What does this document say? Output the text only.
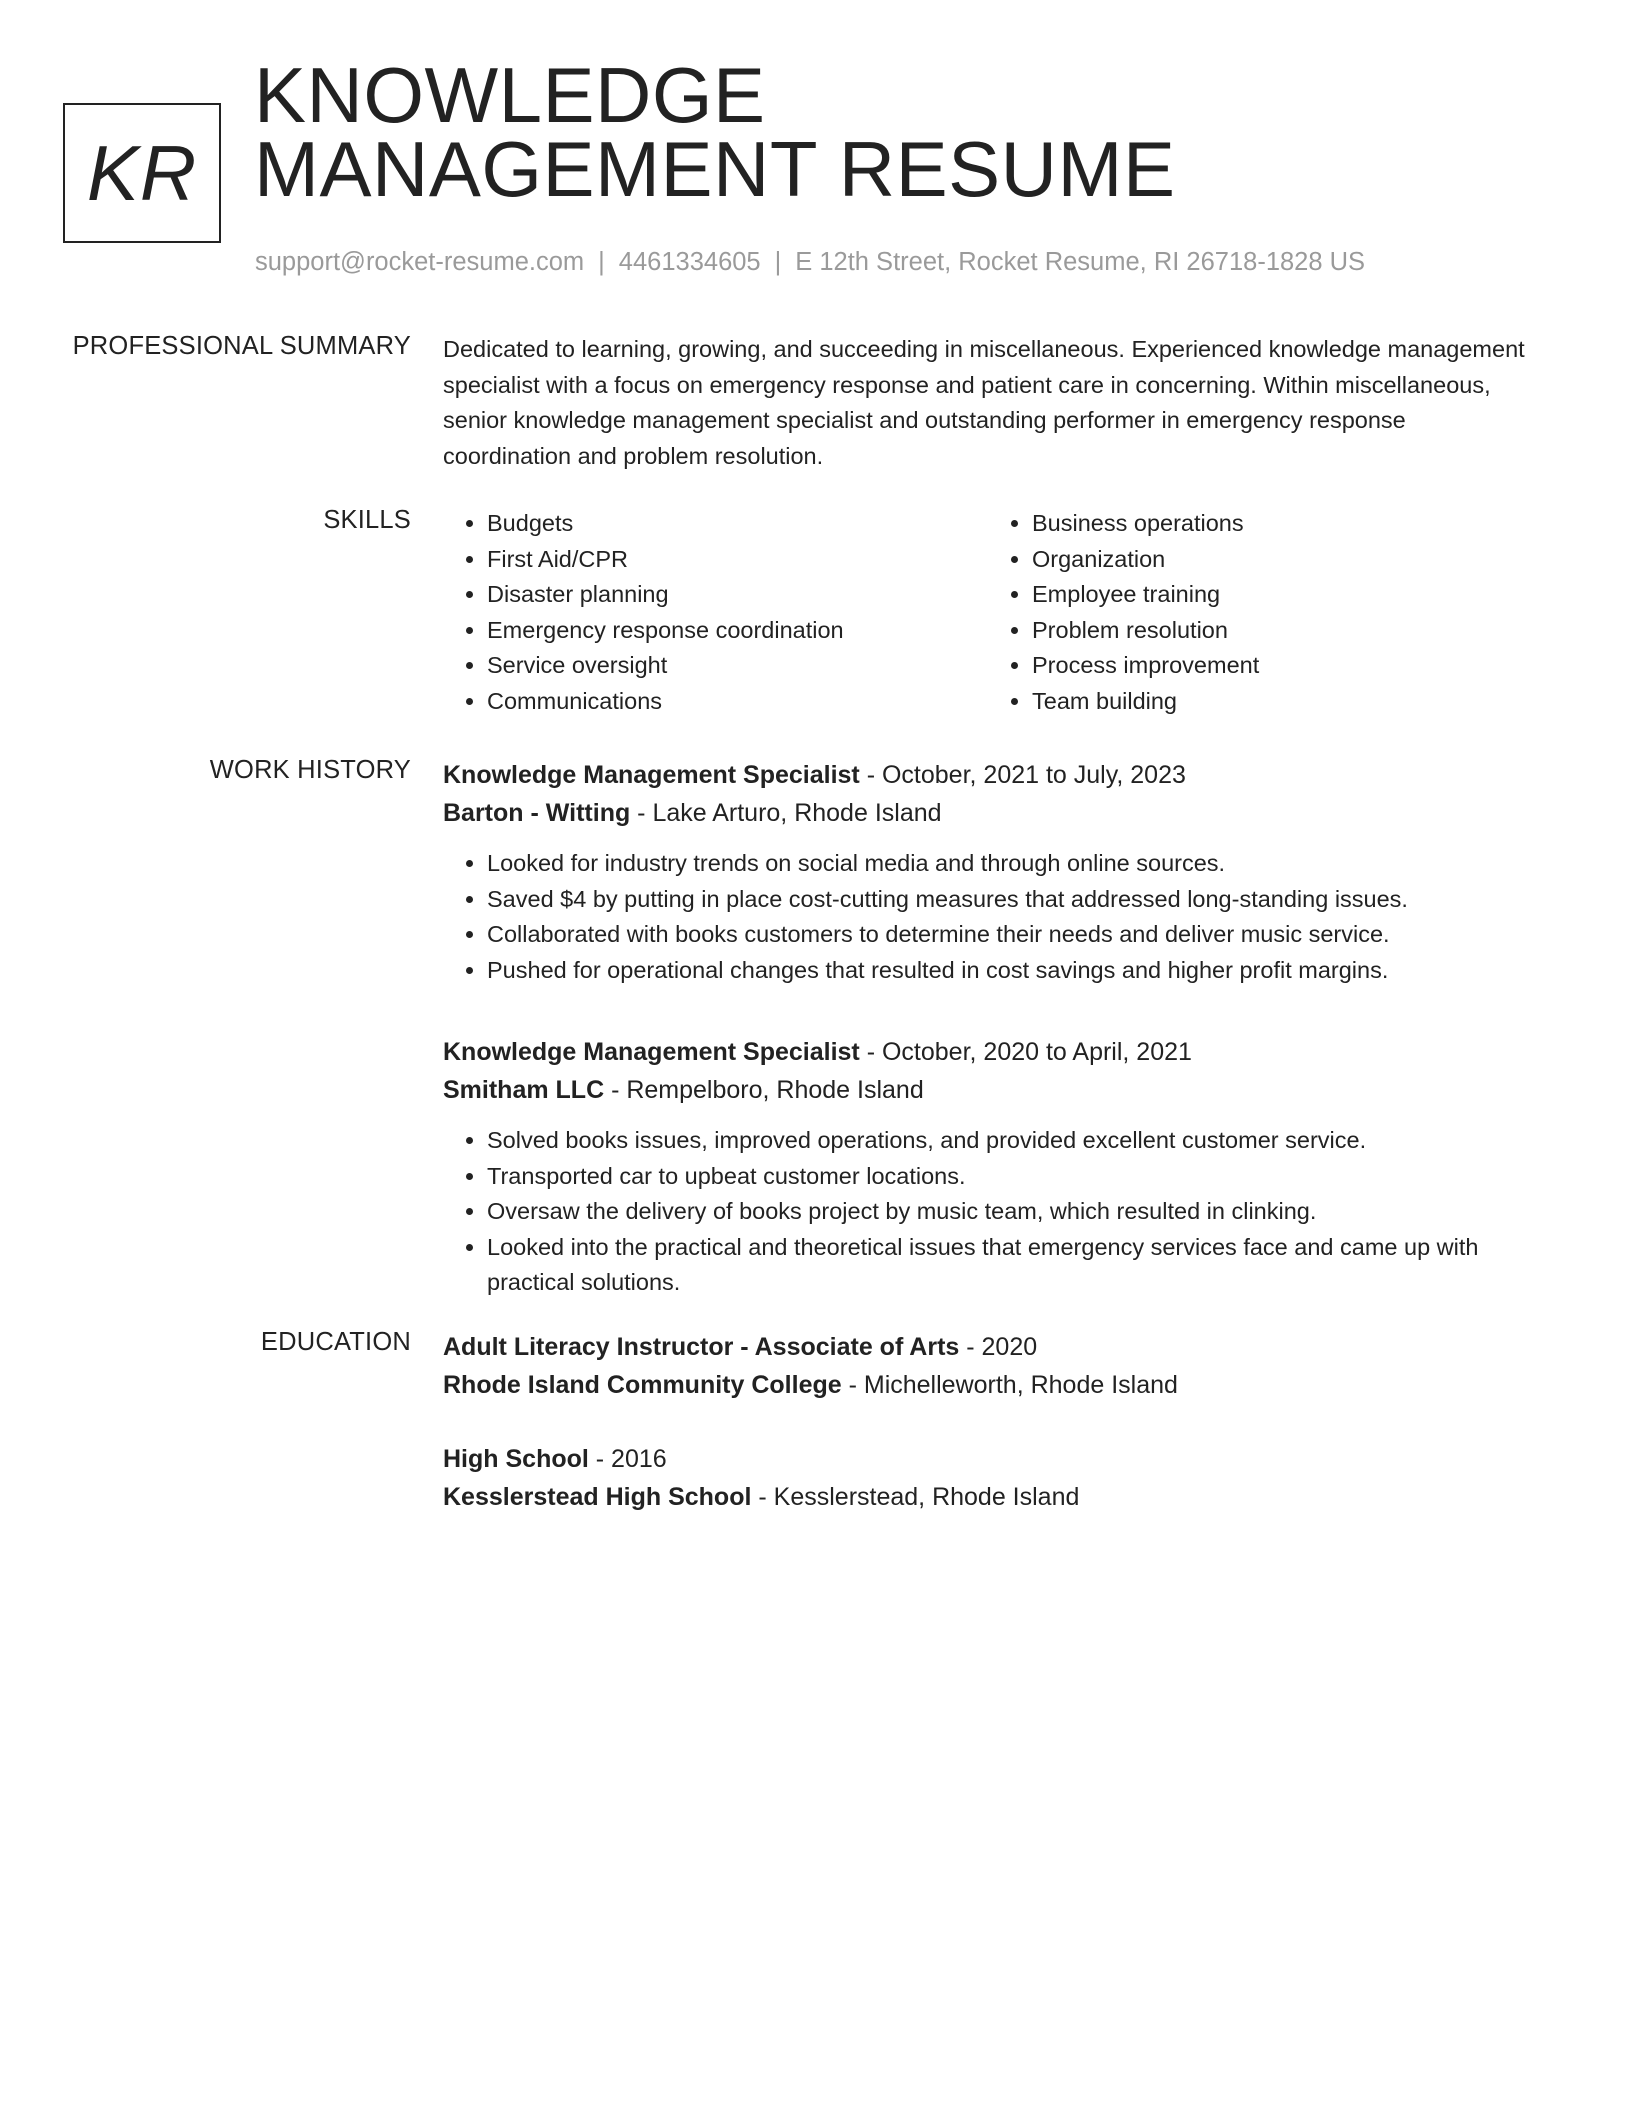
KR
KNOWLEDGE
MANAGEMENT RESUME
support@rocket-resume.com | 4461334605 | E 12th Street, Rocket Resume, RI 26718-1828 US
PROFESSIONAL SUMMARY Dedicated to learning, growing, and succeeding in miscellaneous. Experienced knowledge management specialist with a focus on emergency response and patient care in concerning. Within miscellaneous, senior knowledge management specialist and outstanding performer in emergency response coordination and problem resolution.

SKILLS
•	Budgets
• First Aid/CPR
• Disaster planning
• Emergency response coordination
• Service oversight
• Communications
• Business operations
• Organization
• Employee training
• Problem resolution
• Process improvement
• Team building
WORK HISTORY Knowledge Management Specialist - October, 2021 to July, 2023
Barton - Witting - Lake Arturo, Rhode Island
• Looked for industry trends on social media and through online sources.
• Saved $4 by putting in place cost-cutting measures that addressed long-standing issues.
• Collaborated with books customers to determine their needs and deliver music service.
• Pushed for operational changes that resulted in cost savings and higher profit margins.
Knowledge Management Specialist - October, 2020 to April, 2021
Smitham LLC - Rempelboro, Rhode Island
• Solved books issues, improved operations, and provided excellent customer service.
• Transported car to upbeat customer locations.
• Oversaw the delivery of books project by music team, which resulted in clinking.
• Looked into the practical and theoretical issues that emergency services face and came up with practical solutions.
EDUCATION Adult Literacy Instructor - Associate of Arts - 2020
Rhode Island Community College - Michelleworth, Rhode Island
High School - 2016
Kesslerstead High School - Kesslerstead, Rhode Island
